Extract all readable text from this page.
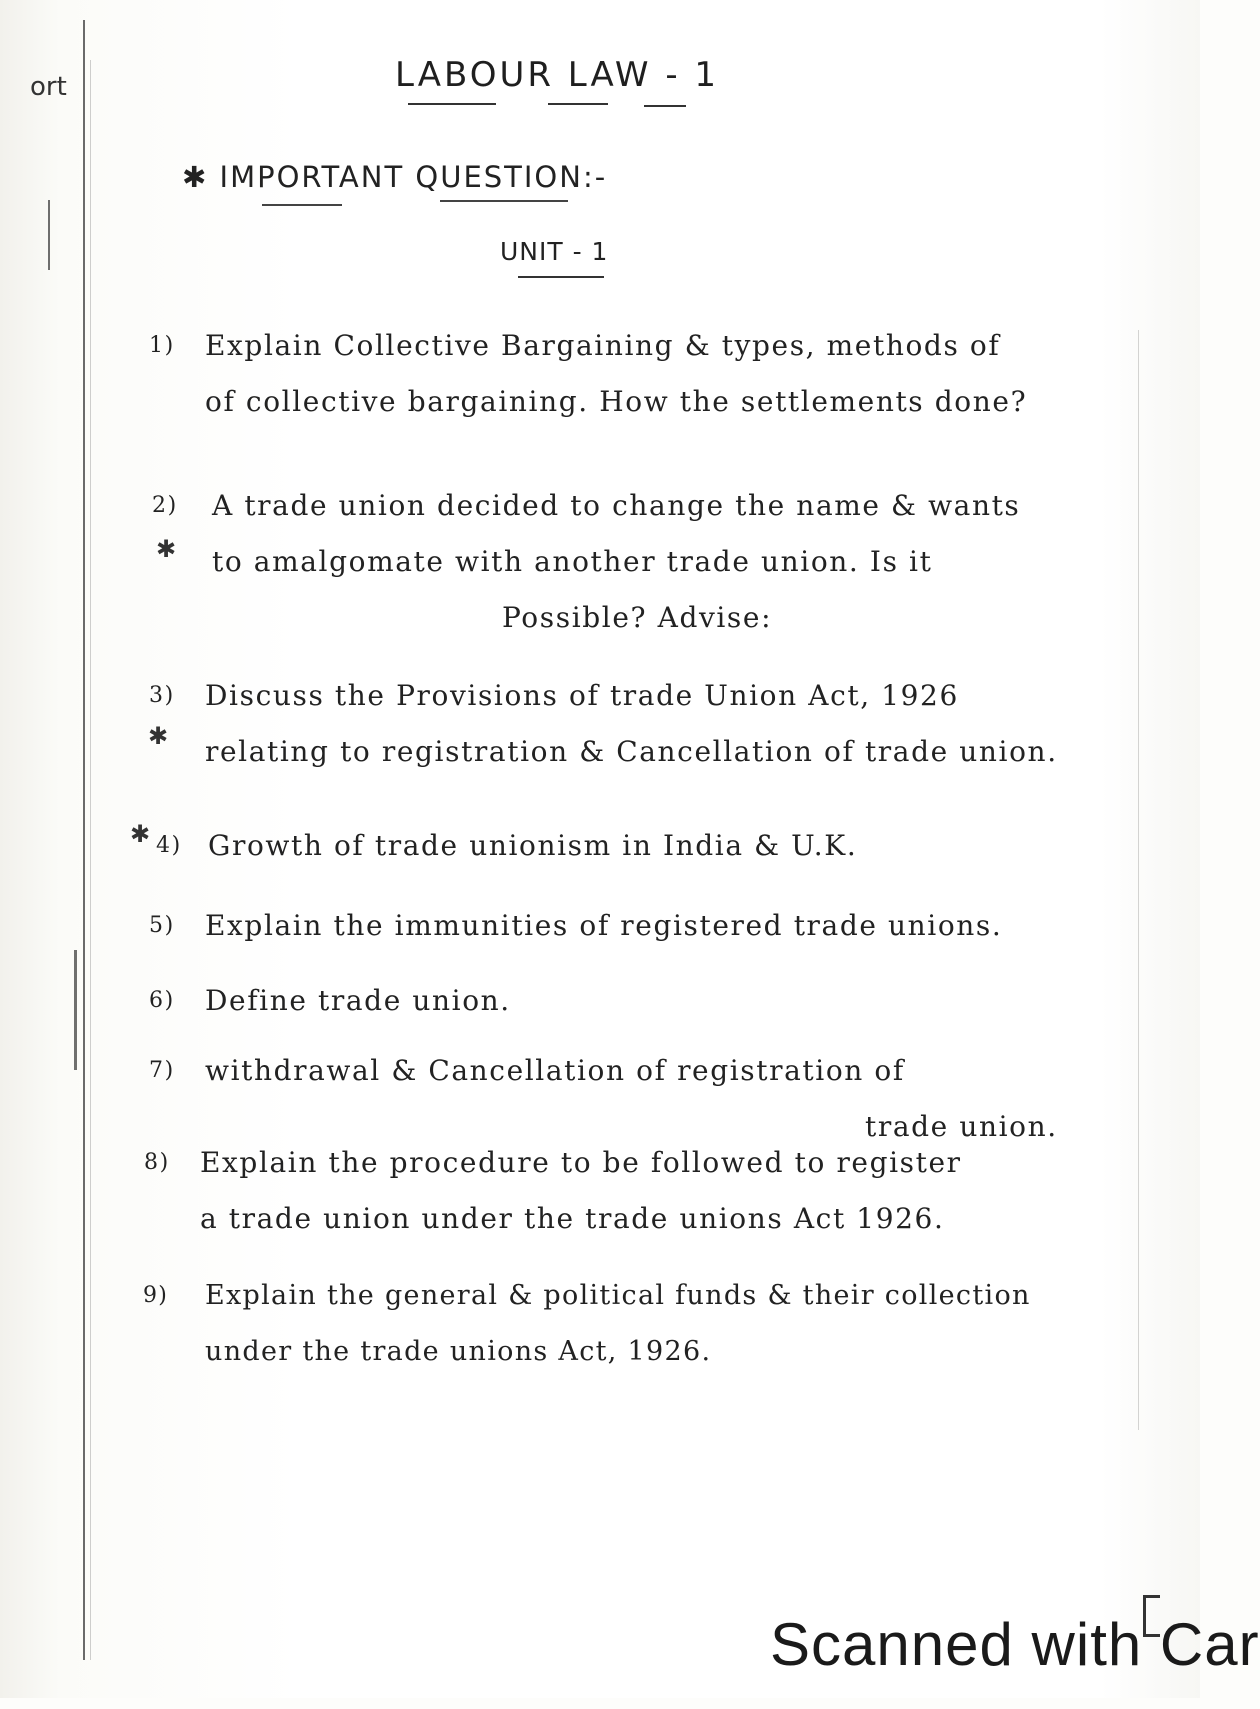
ort	LABOUR LAW - 1
✱ IMPORTANT QUESTION:-
UNIT - 1
1) Explain Collective Bargaining & types, methods of
of collective bargaining. How the settlements done?
2) A trade union decided to change the name & wants
to amalgomate with another trade union. Is it
Possible? Advise:
✱
3) Discuss the Provisions of trade Union Act, 1926
relating to registration & Cancellation of trade union.
✱
4) Growth of trade unionism in India & U.K.
✱
5) Explain the immunities of registered trade unions.
6) Define trade union.
7) withdrawal & Cancellation of registration of
trade union.
8) Explain the procedure to be followed to register
a trade union under the trade unions Act 1926.
9) Explain the general & political funds & their collection
under the trade unions Act, 1926.
Scanned with Car
